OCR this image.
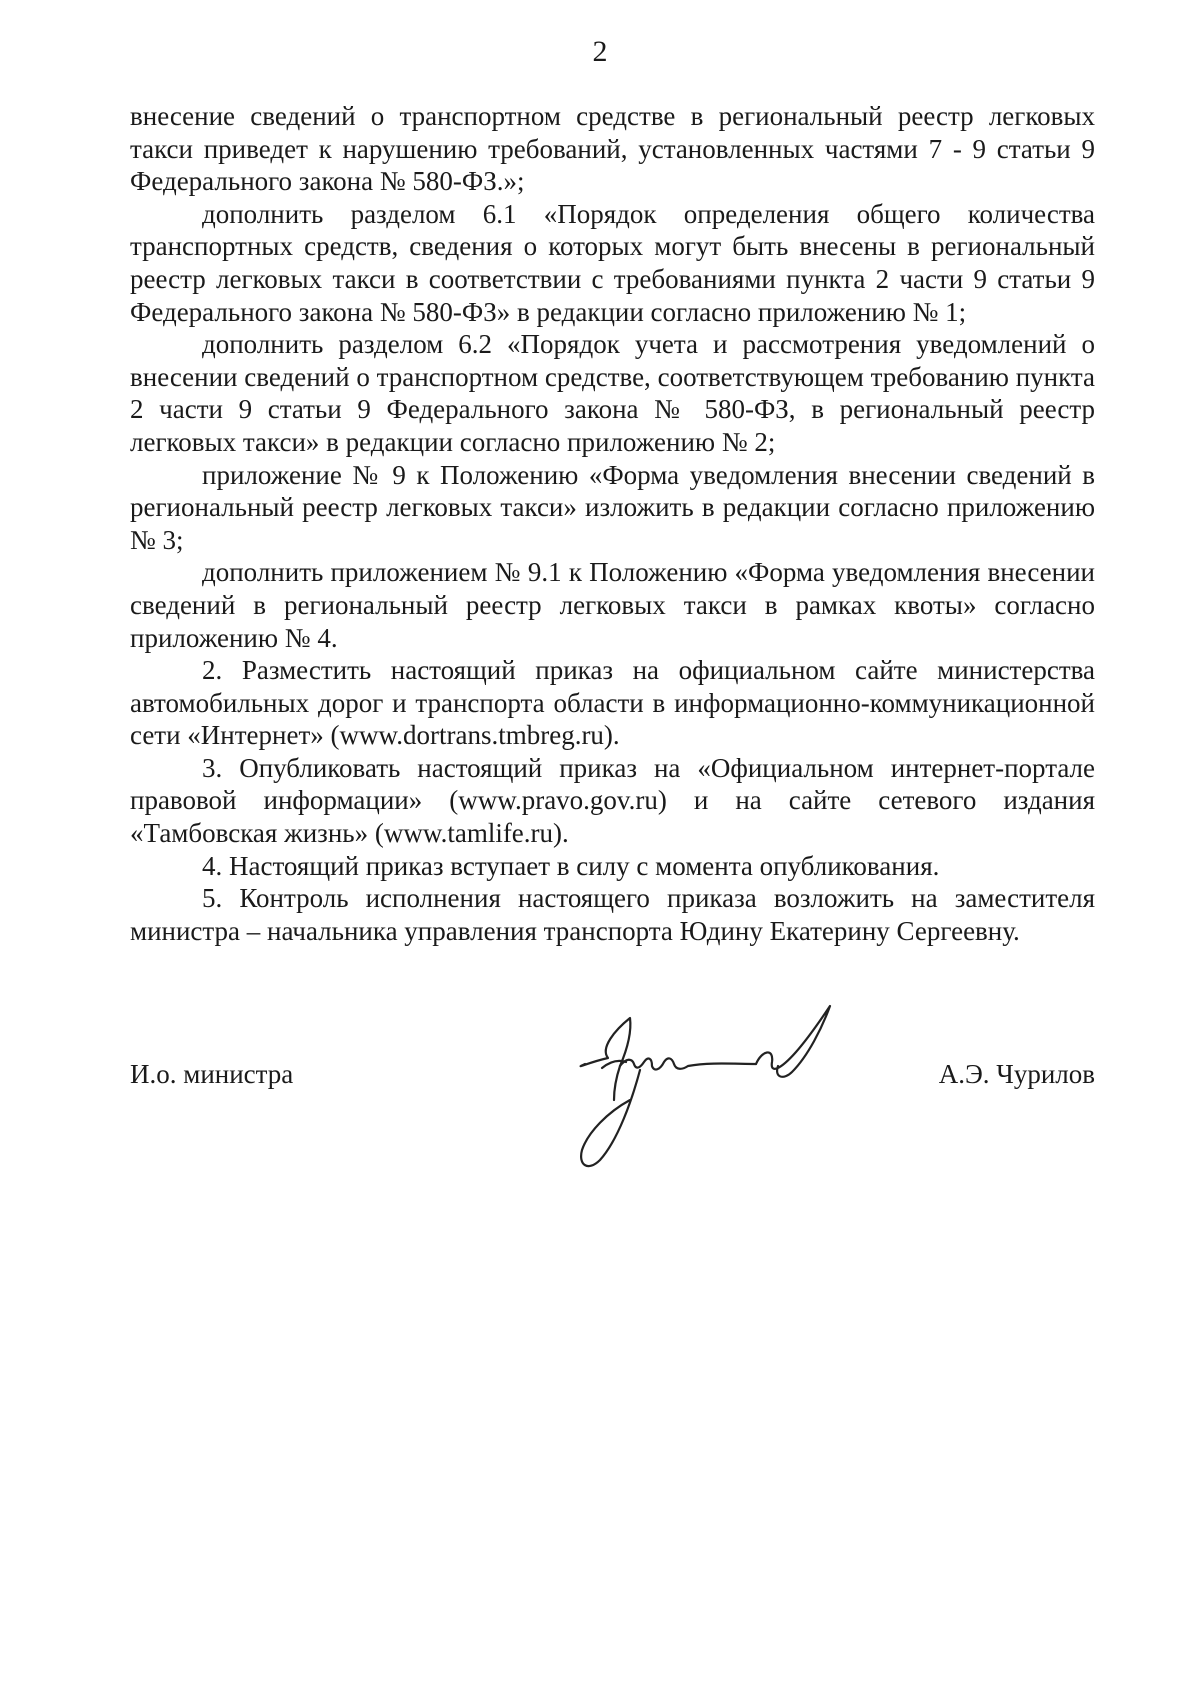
2

внесение сведений о транспортном средстве в региональный реестр легковых такси приведет к нарушению требований, установленных частями 7 - 9 статьи 9 Федерального закона № 580-ФЗ.»;

дополнить разделом 6.1 «Порядок определения общего количества транспортных средств, сведения о которых могут быть внесены в региональный реестр легковых такси в соответствии с требованиями пункта 2 части 9 статьи 9 Федерального закона № 580-ФЗ» в редакции согласно приложению № 1;

дополнить разделом 6.2 «Порядок учета и рассмотрения уведомлений о внесении сведений о транспортном средстве, соответствующем требованию пункта 2 части 9 статьи 9 Федерального закона № 580-ФЗ, в региональный реестр легковых такси» в редакции согласно приложению № 2;

приложение № 9 к Положению «Форма уведомления внесении сведений в региональный реестр легковых такси» изложить в редакции согласно приложению № 3;

дополнить приложением № 9.1 к Положению «Форма уведомления внесении сведений в региональный реестр легковых такси в рамках квоты» согласно приложению № 4.

2. Разместить настоящий приказ на официальном сайте министерства автомобильных дорог и транспорта области в информационно-коммуникационной сети «Интернет» (www.dortrans.tmbreg.ru).

3. Опубликовать настоящий приказ на «Официальном интернет-портале правовой информации» (www.pravo.gov.ru) и на сайте сетевого издания «Тамбовская жизнь» (www.tamlife.ru).

4. Настоящий приказ вступает в силу с момента опубликования.

5. Контроль исполнения настоящего приказа возложить на заместителя министра – начальника управления транспорта Юдину Екатерину Сергеевну.

И.о. министра	А.Э. Чурилов
